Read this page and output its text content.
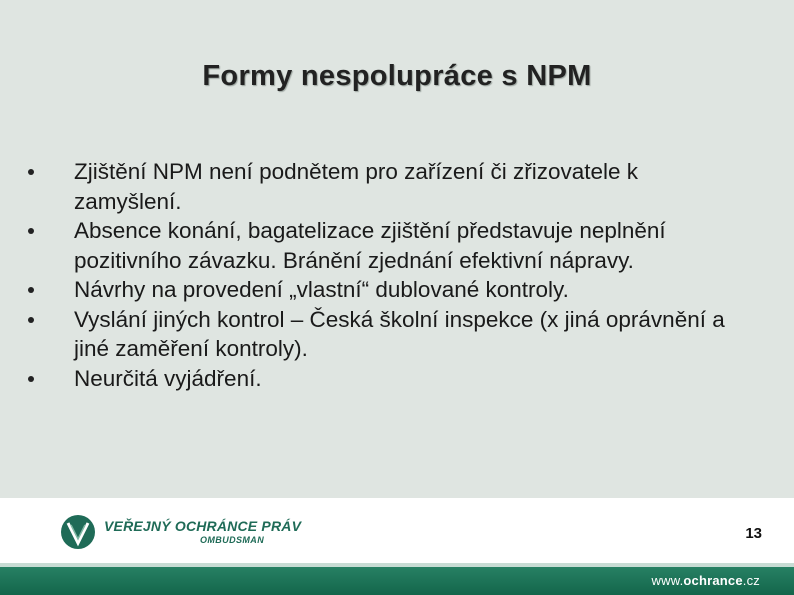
Formy nespolupráce s NPM
Zjištění NPM není podnětem pro zařízení či zřizovatele k zamyšlení.
Absence konání, bagatelizace zjištění představuje neplnění pozitivního závazku. Bránění zjednání efektivní nápravy.
Návrhy na provedení „vlastní“ dublované kontroly.
Vyslání jiných kontrol – Česká školní inspekce (x jiná oprávnění a jiné zaměření kontroly).
Neurčitá vyjádření.
VEŘEJNÝ OCHRÁNCE PRÁV
OMBUDSMAN	13
www.ochrance.cz
